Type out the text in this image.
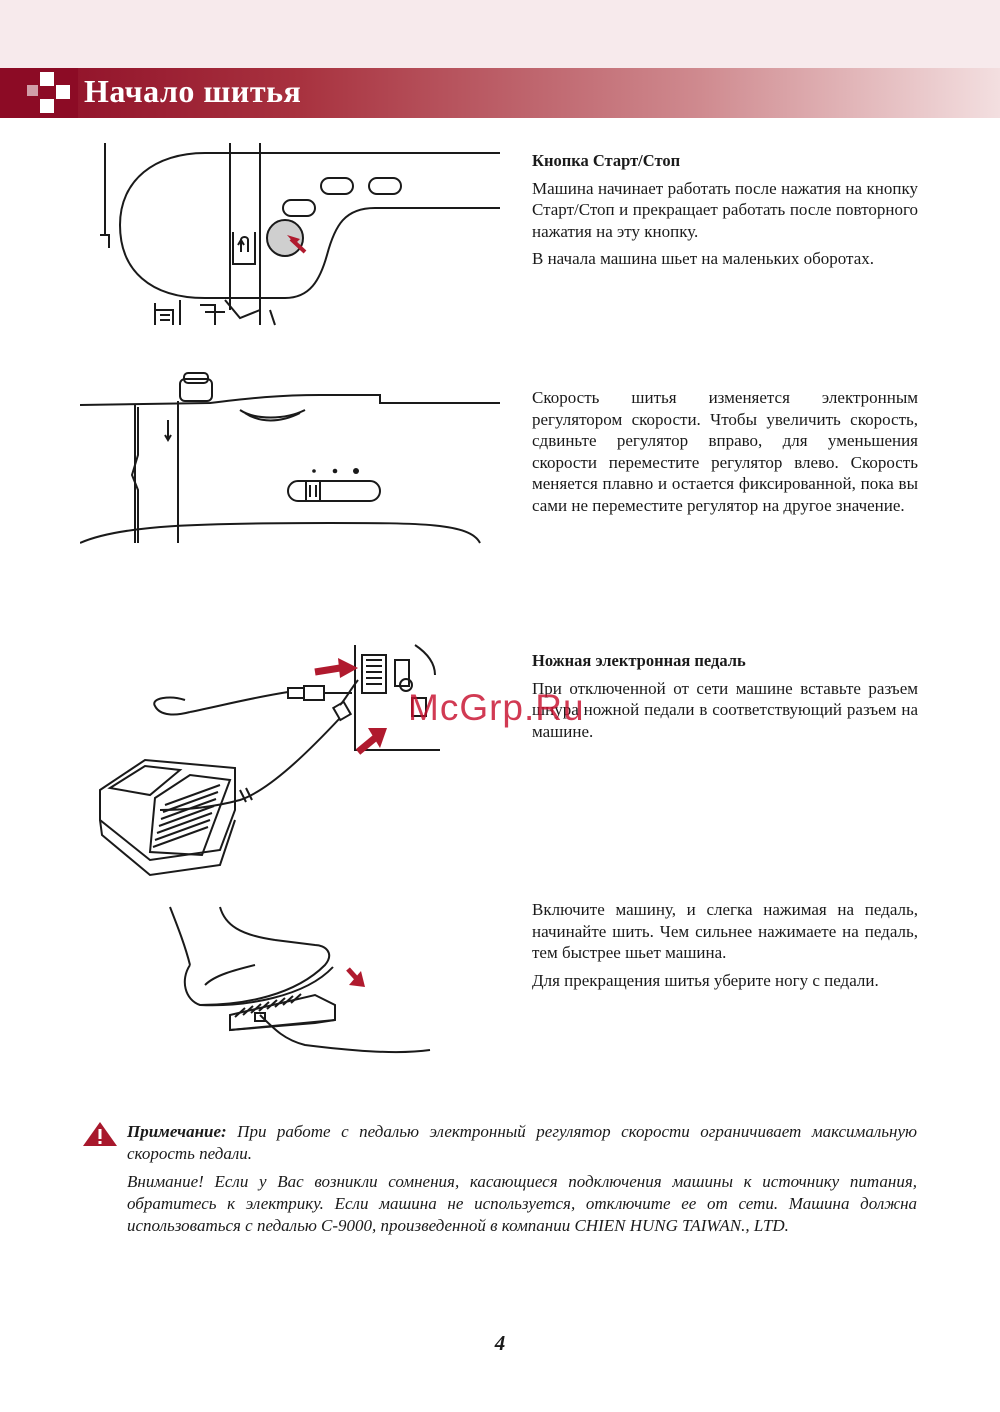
Начало шитья
Кнопка Старт/Стоп

Машина начинает работать после нажатия на кнопку Старт/Стоп и прекращает работать после повторного нажатия на эту кнопку.

В начала машина шьет на маленьких оборотах.

Скорость шитья изменяется электронным регулятором скорости. Чтобы увеличить скорость, сдвиньте регулятор вправо, для уменьшения скорости переместите регулятор влево. Скорость меняется плавно и остается фиксированной, пока вы сами не переместите регулятор на другое значение.

Ножная электронная педаль

При отключенной от сети машине вставьте разъем шнура ножной педали в соответствующий разъем на машине.

McGrp.Ru

Включите машину, и слегка нажимая на педаль, начинайте шить. Чем сильнее нажимаете на педаль, тем быстрее шьет машина.

Для прекращения шитья уберите ногу с педали.

Примечание: При работе с педалью электронный регулятор скорости ограничивает максимальную скорость педали.

Внимание! Если у Вас возникли сомнения, касающиеся подключения машины к источнику питания, обратитесь к электрику. Если машина не используется, отключите ее от сети. Машина должна использоваться с педалью С-9000, произведенной в компании CHIEN HUNG TAIWAN., LTD.

4
